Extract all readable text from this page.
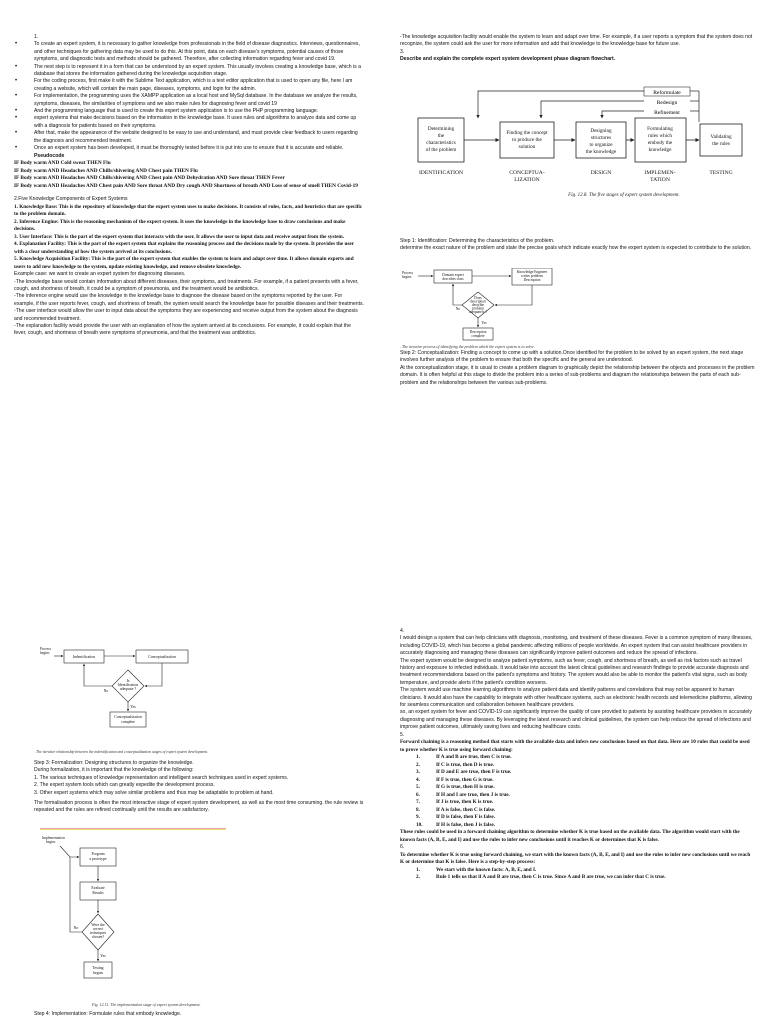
1.

• To create an expert system, it is necessary to gather knowledge from professionals in the field of disease diagnostics. Interviews, questionnaires, and other techniques for gathering data may be used to do this. At this point, data on each disease's symptoms, potential causes of those symptoms, and diagnostic tests and methods should be gathered. Therefore, after collecting information regarding fever and covid 19.
• The next step is to represent it in a form that can be understood by an expert system. This usually involves creating a knowledge base, which is a database that stores the information gathered during the knowledge acquisition stage.
• For the coding process, first make it with the Sublime Text application, which is a text editor application that is used to open any file, here I am creating a website, which will contain the main page, diseases, symptoms, and login for the admin.
• For implementation, the programming uses the XAMPP application as a local host and MySql database. In the database we analyze the results, symptoms, diseases, the similarities of symptoms and we also make rules for diagnosing fever and covid 19
• And the programming language that is used to create this expert system application is to use the PHP programming language.
• expert systems that make decisions based on the information in the knowledge base. It uses rules and algorithms to analyze data and come up with a diagnosis for patients based on their symptoms.
• After that, make the appearance of the website designed to be easy to use and understand, and must provide clear feedback to users regarding the diagnosis and recommended treatment.
• Once an expert system has been developed, it must be thoroughly tested before it is put into use to ensure that it is accurate and reliable.

Pseudocode

IF Body warm AND Cold sweat THEN Flu

IF Body warm AND Headaches AND Chills/shivering AND Chest pain THEN Flu

IF Body warm AND Headaches AND Chills/shivering AND Chest pain AND Dehydration AND Sore throat THEN Fever

IF Body warm AND Headaches AND Chest pain AND Sore throat AND Dry cough AND Shortness of breath AND Loss of sense of smell THEN Covid-19

2.Five Knowledge Components of Expert Systems

1. Knowledge Base: This is the repository of knowledge that the expert system uses to make decisions. It consists of rules, facts, and heuristics that are specific to the problem domain.

2. Inference Engine: This is the reasoning mechanism of the expert system. It uses the knowledge in the knowledge base to draw conclusions and make decisions.

3. User Interface: This is the part of the expert system that interacts with the user. It allows the user to input data and receive output from the system.

4. Explanation Facility: This is the part of the expert system that explains the reasoning process and the decisions made by the system. It provides the user with a clear understanding of how the system arrived at its conclusions.

5. Knowledge Acquisition Facility: This is the part of the expert system that enables the system to learn and adapt over time. It allows domain experts and users to add new knowledge to the system, update existing knowledge, and remove obsolete knowledge.

Example case: we want to create an expert system for diagnosing diseases.

-The knowledge base would contain information about different diseases, their symptoms, and treatments. For example, if a patient presents with a fever, cough, and shortness of breath, it could be a symptom of pneumonia, and the treatment would be antibiotics.

-The inference engine would use the knowledge in the knowledge base to diagnose the disease based on the symptoms reported by the user. For example, if the user reports fever, cough, and shortness of breath, the system would search the knowledge base for possible diseases and their treatments.

-The user interface would allow the user to input data about the symptoms they are experiencing and receive output from the system about the diagnosis and recommended treatment.

-The explanation facility would provide the user with an explanation of how the system arrived at its conclusions. For example, it could explain that the fever, cough, and shortness of breath were symptoms of pneumonia, and that the treatment was antibiotics.

-The knowledge acquisition facility would enable the system to learn and adapt over time. For example, if a user reports a symptom that the system does not recognize, the system could ask the user for more information and add that knowledge to the knowledge base for future use.

3.

Describe and explain the complete expert system development phase diagram flowchart.

Reformulate
Redesign
Refinement
Determining
the
characteristics
of the problem
Finding the concept
to produce the
solution
Designing
structures
to organize
the knowledge
Formulating
rules which
embody the
knowledge
Validating
the rules
IDENTIFICATION	CONCEPTUA-
LIZATION
DESIGN	IMPLEMEN-
TATION
TESTING
Fig. 12.8. The five stages of expert system development.

Step 1: Identification: Determining the characteristics of the problem.

determine the exact nature of the problem and state the precise goals which indicate exactly how the expert system is expected to contribute to the solution.

Process
begins	Domain expert
describes class
Knowledge Engineer
writes problem
Description
Does
description
describe
problem
adequately ?
No
Yes
Description
complete
. The iterative process of identifying the problem which the expert system is to solve.

Step 2: Conceptualization: Finding a concept to come up with a solution.Once identified for the problem to be solved by an expert system, the next stage involves further analysis of the problem to ensure that both the specific and the general are understood.

At the conceptualization stage, it is usual to create a problem diagram to graphically depict the relationship between the objects and processes in the problem domain. It is often helpful at this stage to divide the problem into a series of sub-problems and diagram the relationships between the parts of each sub-problem and the relationships between the various sub-problems.

Process
begins
Indentification	Conceptualization
Is
Identification
adequate ?
No
Yes
Conceptualization
complete
The iterative relationship between the indentification and conceptualization stages of expert system development.

Step 3: Formalization: Designing structures to organize the knowledge.

During formalization, it is important that the knowledge of the following:

1. The various techniques of knowledge representation and intelligent search techniques used in expert systems.

2. The expert system tools which can greatly expedite the development process.

3. Other expert systems which may solve similar problems and thus may be adaptable to problem at hand.

The formalisation process is often the most interactive stage of expert system development, as well as the most time consuming. the rule review is repeated and the rules are refined continually until the results are satisfactory.

Implementation
begins
Program
a prototype
Evaluate
Results
Were the
correct
techniques
chosen?
No
Yes
Testing
begins
Fig. 12.11. The implementation stage of expert system development.

Step 4: Implementation: Formulate rules that embody knowledge.

4.

I would design a system that can help clinicians with diagnosis, monitoring, and treatment of these diseases. Fever is a common symptom of many illnesses, including COVID-19, which has become a global pandemic affecting millions of people worldwide. An expert system that can assist healthcare providers in accurately diagnosing and managing these diseases can significantly improve patient outcomes and reduce the spread of infections.

The expert system would be designed to analyze patient symptoms, such as fever, cough, and shortness of breath, as well as risk factors such as travel history and exposure to infected individuals. It would take into account the latest clinical guidelines and research findings to provide accurate diagnosis and treatment recommendations based on the patient's symptoms and history. The system would also be able to monitor the patient's vital signs, such as body temperature, and provide alerts if the patient's condition worsens.

The system would use machine learning algorithms to analyze patient data and identify patterns and correlations that may not be apparent to human clinicians. It would also have the capability to integrate with other healthcare systems, such as electronic health records and telemedicine platforms, allowing for seamless communication and collaboration between healthcare providers.

so, an expert system for fever and COVID-19 can significantly improve the quality of care provided to patients by assisting healthcare providers in accurately diagnosing and managing these diseases. By leveraging the latest research and clinical guidelines, the system can help reduce the spread of infections and improve patient outcomes, ultimately saving lives and reducing healthcare costs.

5.

Forward chaining is a reasoning method that starts with the available data and infers new conclusions based on that data. Here are 10 rules that could be used to prove whether K is true using forward chaining:

1.	If A and B are true, then C is true.
2.	If C is true, then D is true.
3.	If D and E are true, then F is true.
4.	If F is true, then G is true.
5.	If G is true, then H is true.
6.	If H and I are true, then J is true.
7.	If J is true, then K is true.
8.	If A is false, then C is false.
9.	If D is false, then F is false.
10.	If H is false, then J is false.

These rules could be used in a forward chaining algorithm to determine whether K is true based on the available data. The algorithm would start with the known facts (A, B, E, and I) and use the rules to infer new conclusions until it reaches K or determines that K is false.

6.

To determine whether K is true using forward chaining, we start with the known facts (A, B, E, and I) and use the rules to infer new conclusions until we reach K or determine that K is false. Here is a step-by-step process:

1.	We start with the known facts: A, B, E, and I.
2.	Rule 1 tells us that if A and B are true, then C is true. Since A and B are true, we can infer that C is true.
